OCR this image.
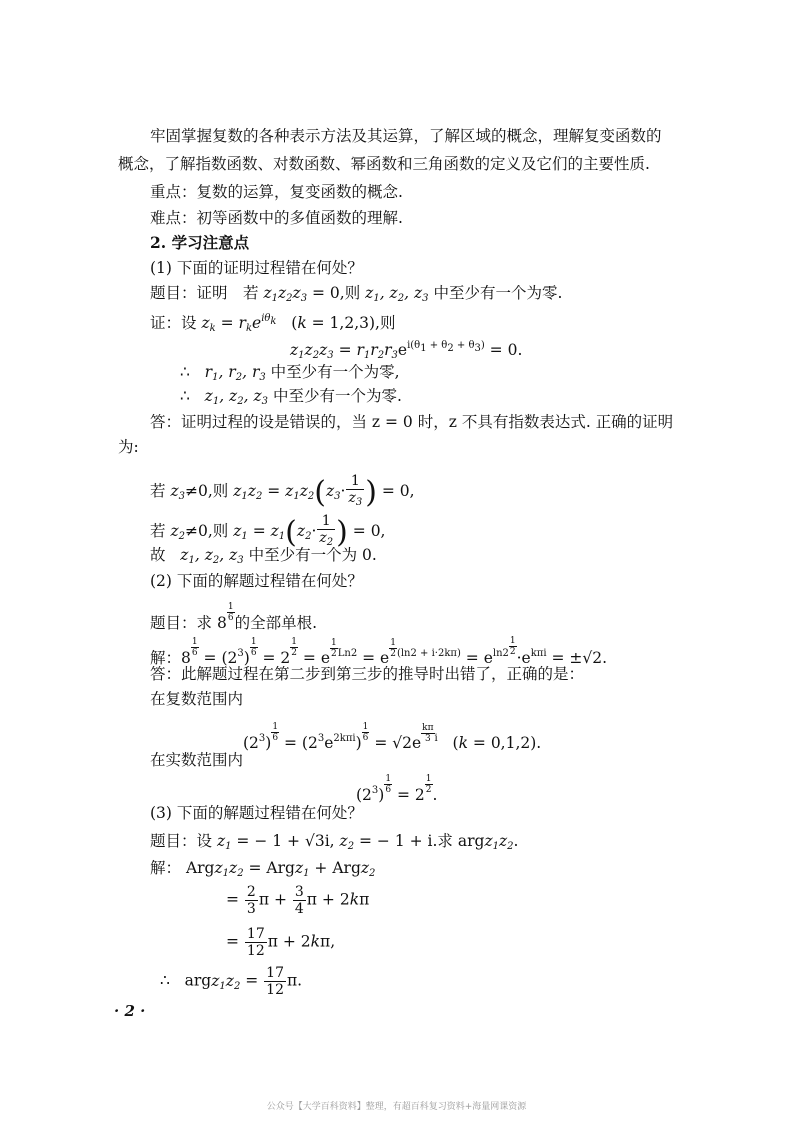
牢固掌握复数的各种表示方法及其运算，了解区域的概念，理解复变函数的
概念，了解指数函数、对数函数、幂函数和三角函数的定义及它们的主要性质.
重点：复数的运算，复变函数的概念.
难点：初等函数中的多值函数的理解.
2. 学习注意点
(1) 下面的证明过程错在何处？
题目：证明　若 $z_1z_2z_3 = 0$,则 $z_1$, $z_2$, $z_3$ 中至少有一个为零.
证：设 $z_k = r_ke^{i\theta_k}$   (k = 1,2,3),则
$z_1z_2z_3 = r_1r_2r_3e^{i(\theta_1 + \theta_2 + \theta_3)} = 0$.
∴ $r_1$, $r_2$, $r_3$ 中至少有一个为零,
∴ $z_1$, $z_2$, $z_3$ 中至少有一个为零.
答：证明过程的设是错误的，当 z = 0 时，z 不具有指数表达式. 正确的证明
为:
若 $z_3\ne 0$,则 $z_1z_2 = z_1z_2(z_3\cdot \frac{1}{z_3}$ ) = 0,
若 $z_2\ne 0$,则 $z_1 = z_1(z_2\cdot \frac{1}{z_2}$ ) = 0,
故 $z_1$, $z_2$, $z_3$ 中至少有一个为 0.
(2) 下面的解题过程错在何处？
题目：求 $8 \frac{1}{6}$ 的全部单根.
解：$8 \frac{1}{6} = (2^3) \frac{1}{6} = 2 \frac{1}{2} = e$ $^{\frac{1}{2} Ln2}$ = e $^{\frac{1}{2} (ln2 + i\cdot 2k\pi)} = e^{ln2 \frac{1}{2}}$
$\cdot e^{k\pi i} = \pm√2$.
答：此解题过程在第二步到第三步的推导时出错了，正确的是：
在复数范围内
$(2^3) \frac{1}{6} = (2^3e^{2k\pi i}) \frac{1}{6} = √2e$ $^{\frac{k\pi}{3} i}$   (k = 0,1,2).
在实数范围内
$(2^3) \frac{1}{6} = 2 \frac{1}{2}$ .
(3) 下面的解题过程错在何处？
题目：设 $z_1$ = − 1 + √3i, $z_2$ = − 1 + i.求 $argz_1z_2$.
解： $Argz_1z_2$ = Argz$_1$ + Argz$_2$
= $\frac{2}{3}$ $\pi + \frac{3}{4}$ π + 2kπ
= $\frac{17}{12}$ π + 2kπ,
∴   $argz_1z_2 = \frac{17}{12} \pi$.
· 2 ·
公众号【大学百科资料】整理，有超百科复习资料+海量网课资源
